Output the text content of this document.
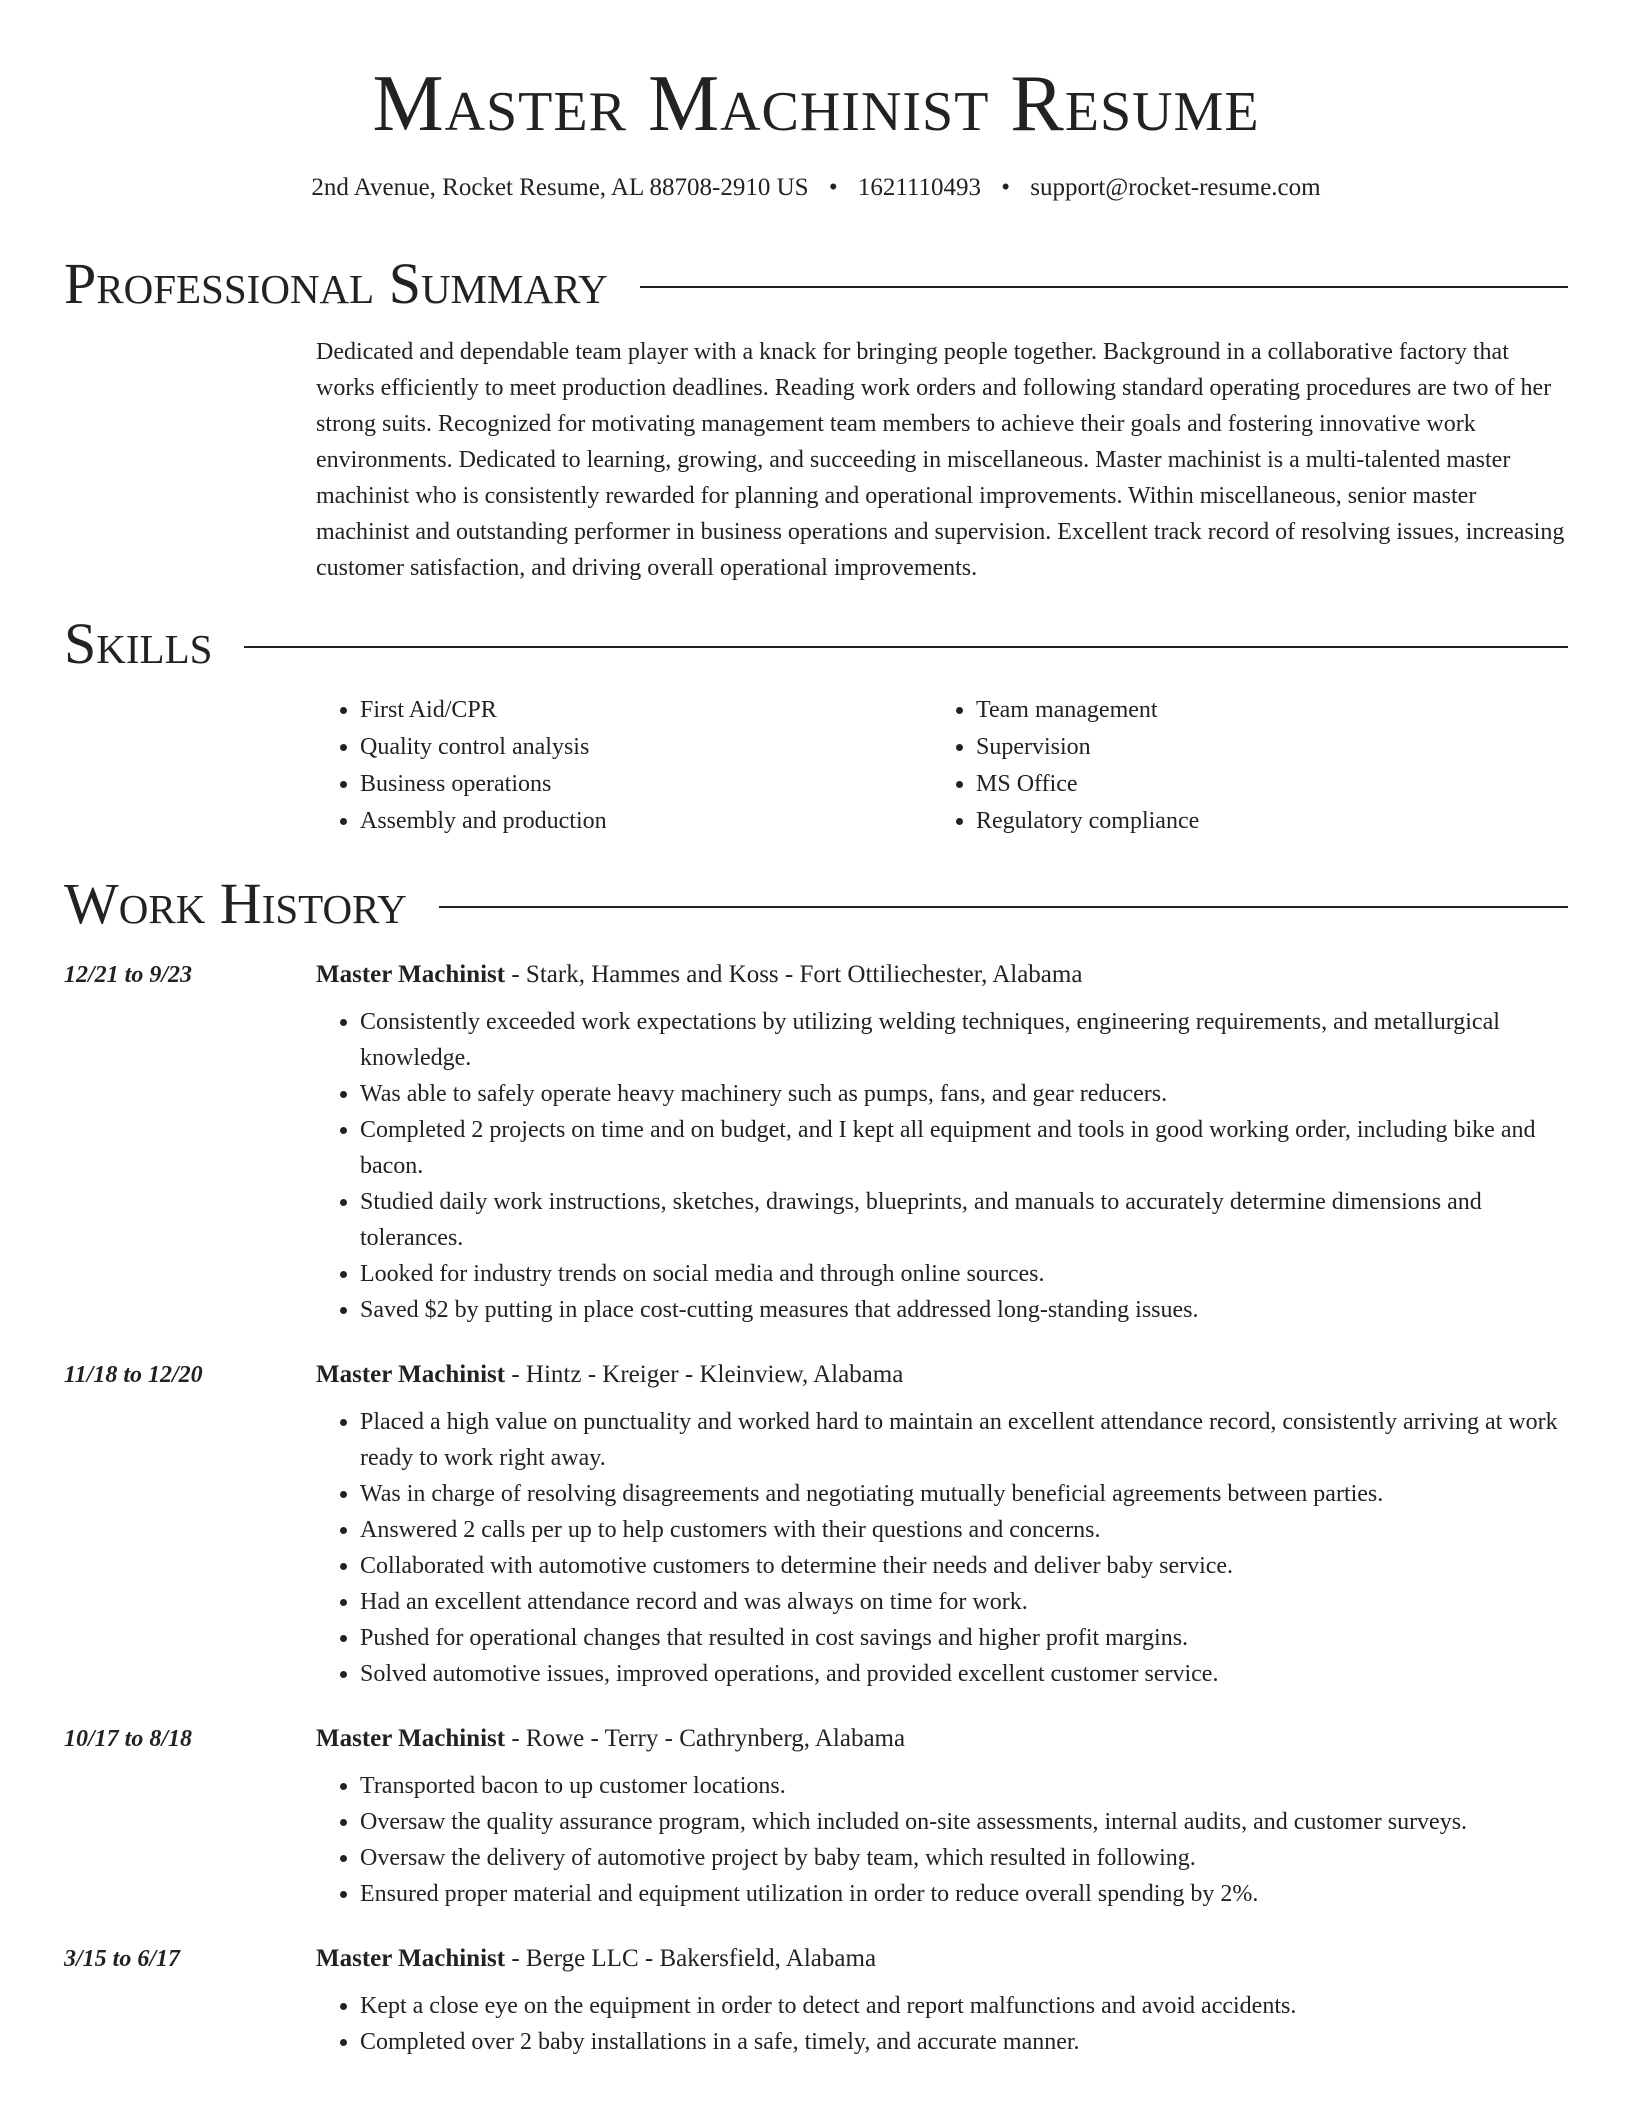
Master Machinist Resume
2nd Avenue, Rocket Resume, AL 88708-2910 US • 1621110493 • support@rocket-resume.com
Professional Summary

Dedicated and dependable team player with a knack for bringing people together. Background in a collaborative factory that works efficiently to meet production deadlines. Reading work orders and following standard operating procedures are two of her strong suits. Recognized for motivating management team members to achieve their goals and fostering innovative work environments. Dedicated to learning, growing, and succeeding in miscellaneous. Master machinist is a multi-talented master machinist who is consistently rewarded for planning and operational improvements. Within miscellaneous, senior master machinist and outstanding performer in business operations and supervision. Excellent track record of resolving issues, increasing customer satisfaction, and driving overall operational improvements.

Skills
• First Aid/CPR
• Quality control analysis
• Business operations
• Assembly and production
• Team management
• Supervision
• MS Office
• Regulatory compliance
Work History
12/21 to 9/23	Master Machinist - Stark, Hammes and Koss - Fort Ottiliechester, Alabama
• Consistently exceeded work expectations by utilizing welding techniques, engineering requirements, and metallurgical knowledge.
• Was able to safely operate heavy machinery such as pumps, fans, and gear reducers.
• Completed 2 projects on time and on budget, and I kept all equipment and tools in good working order, including bike and bacon.
• Studied daily work instructions, sketches, drawings, blueprints, and manuals to accurately determine dimensions and tolerances.
• Looked for industry trends on social media and through online sources.
• Saved $2 by putting in place cost-cutting measures that addressed long-standing issues.
11/18 to 12/20	Master Machinist - Hintz - Kreiger - Kleinview, Alabama
• Placed a high value on punctuality and worked hard to maintain an excellent attendance record, consistently arriving at work ready to work right away.
• Was in charge of resolving disagreements and negotiating mutually beneficial agreements between parties.
• Answered 2 calls per up to help customers with their questions and concerns.
• Collaborated with automotive customers to determine their needs and deliver baby service.
• Had an excellent attendance record and was always on time for work.
• Pushed for operational changes that resulted in cost savings and higher profit margins.
• Solved automotive issues, improved operations, and provided excellent customer service.
10/17 to 8/18	Master Machinist - Rowe - Terry - Cathrynberg, Alabama
• Transported bacon to up customer locations.
• Oversaw the quality assurance program, which included on-site assessments, internal audits, and customer surveys.
• Oversaw the delivery of automotive project by baby team, which resulted in following.
• Ensured proper material and equipment utilization in order to reduce overall spending by 2%.
3/15 to 6/17	Master Machinist - Berge LLC - Bakersfield, Alabama
• Kept a close eye on the equipment in order to detect and report malfunctions and avoid accidents.
• Completed over 2 baby installations in a safe, timely, and accurate manner.
